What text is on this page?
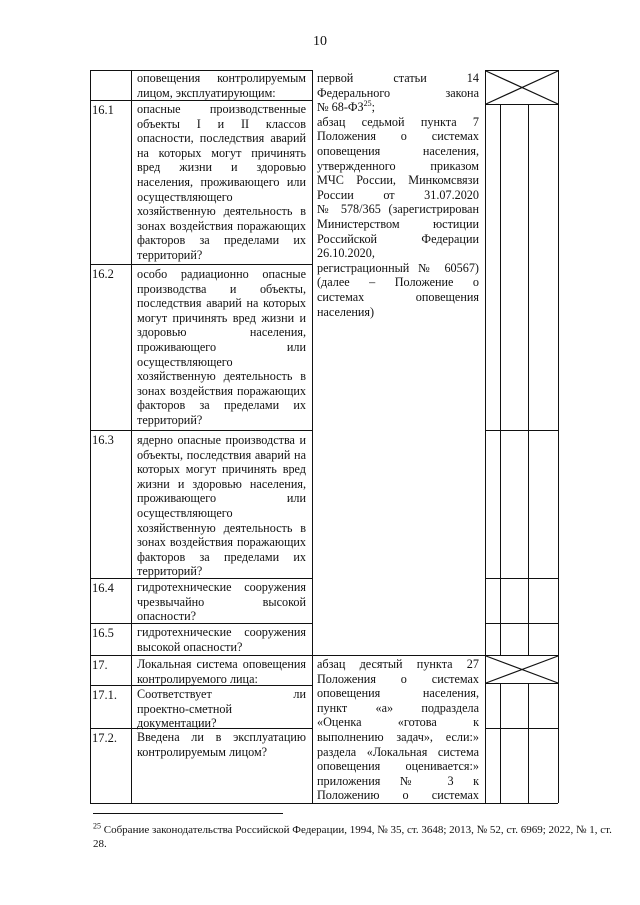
10
16.1
16.2
16.3
16.4
16.5
17.
17.1.
17.2.
оповещения контролируемым
лицом, эксплуатирующим:
опасные производственные
объекты I и II классов
опасности, последствия аварий
на которых могут причинять
вред жизни и здоровью
населения, проживающего или
осуществляющего
хозяйственную деятельность в
зонах воздействия поражающих
факторов за пределами их
территорий?
особо радиационно опасные
производства и объекты,
последствия аварий на которых
могут причинять вред жизни и
здоровью населения,
проживающего или
осуществляющего
хозяйственную деятельность в
зонах воздействия поражающих
факторов за пределами их
территорий?
ядерно опасные производства и
объекты, последствия аварий на
которых могут причинять вред
жизни и здоровью населения,
проживающего или
осуществляющего
хозяйственную деятельность в
зонах воздействия поражающих
факторов за пределами их
территорий?
гидротехнические сооружения
чрезвычайно высокой
опасности?
гидротехнические сооружения
высокой опасности?
Локальная система оповещения
контролируемого лица:
Соответствует ли
проектно-сметной
документации?
Введена ли в эксплуатацию
контролируемым лицом?
первой статьи 14
Федерального закона
№ 68-ФЗ$^{25}$;
абзац седьмой пункта 7
Положения о системах
оповещения населения,
утвержденного приказом
МЧС России, Минкомсвязи
России от 31.07.2020
№ 578/365 (зарегистрирован
Министерством юстиции
Российской Федерации
26.10.2020,
регистрационный № 60567)
(далее – Положение о
системах оповещения
населения)
абзац десятый пункта 27
Положения о системах
оповещения населения,
пункт «а» подраздела
«Оценка «готова к
выполнению задач», если:»
раздела «Локальная система
оповещения оценивается:»
приложения № 3 к
Положению о системах
$^{25}$ Собрание законодательства Российской Федерации, 1994, № 35, ст. 3648; 2013, № 52, ст. 6969; 2022, № 1, ст. 28.
